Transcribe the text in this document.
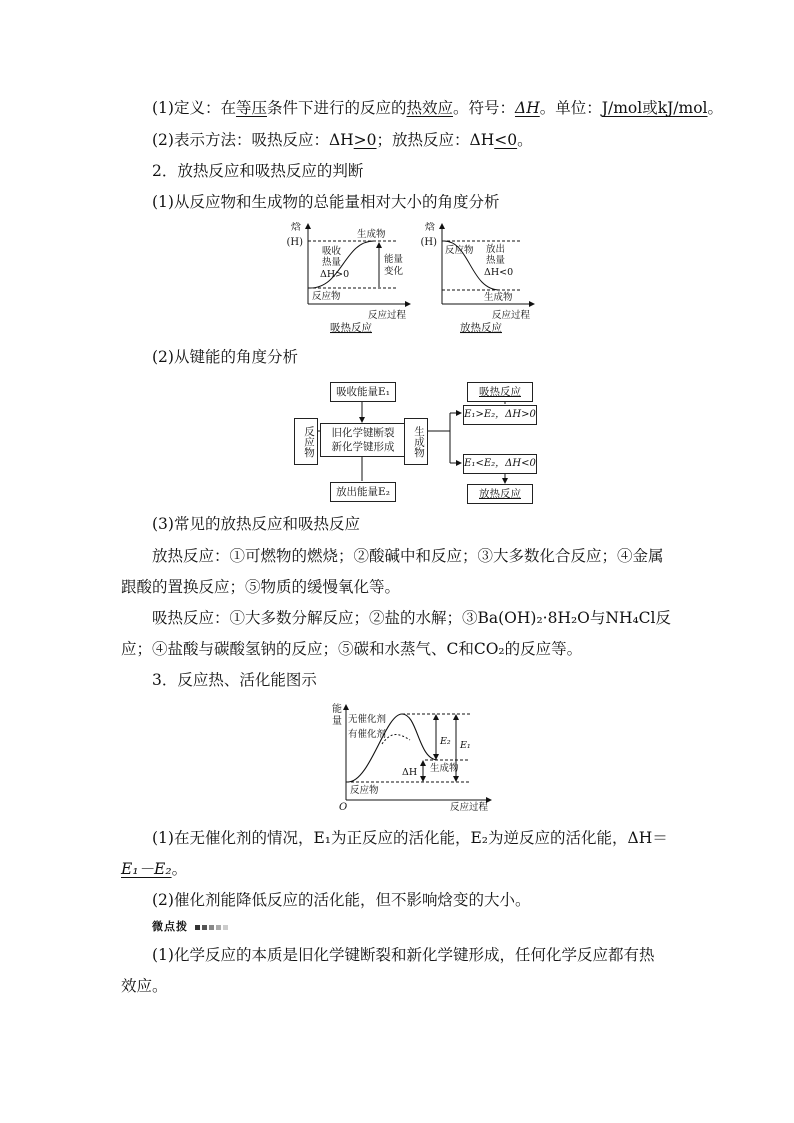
(1)定义：在等压条件下进行的反应的热效应。符号：ΔH。单位：J/mol或kJ/mol。
(2)表示方法：吸热反应：ΔH>0；放热反应：ΔH<0。
2．放热反应和吸热反应的判断
(1)从反应物和生成物的总能量相对大小的角度分析
焓
(H)
生成物
吸收
热量
ΔH>0
能量
变化
反应物
反应过程
吸热反应
焓
(H)
反应物 放出
热量
ΔH<0
生成物
反应过程
放热反应
(2)从键能的角度分析
反应物
吸收能量E₁
旧化学键断裂
新化学键形成
放出能量E₂
生成物
E₁>E₂，ΔH>0
E₁<E₂，ΔH<0
吸热反应
放热反应
(3)常见的放热反应和吸热反应
放热反应：①可燃物的燃烧；②酸碱中和反应；③大多数化合反应；④金属
跟酸的置换反应；⑤物质的缓慢氧化等。
吸热反应：①大多数分解反应；②盐的水解；③Ba(OH)₂·8H₂O与NH₄Cl反
应；④盐酸与碳酸氢钠的反应；⑤碳和水蒸气、C和CO₂的反应等。
3．反应热、活化能图示
能
量 无催化剂
有催化剂
E₂ E₁
ΔH 生成物
反应物
O	反应过程
(1)在无催化剂的情况，E₁为正反应的活化能，E₂为逆反应的活化能，ΔH＝
E₁－E₂。
(2)催化剂能降低反应的活化能，但不影响焓变的大小。
微点拨
(1)化学反应的本质是旧化学键断裂和新化学键形成，任何化学反应都有热
效应。
